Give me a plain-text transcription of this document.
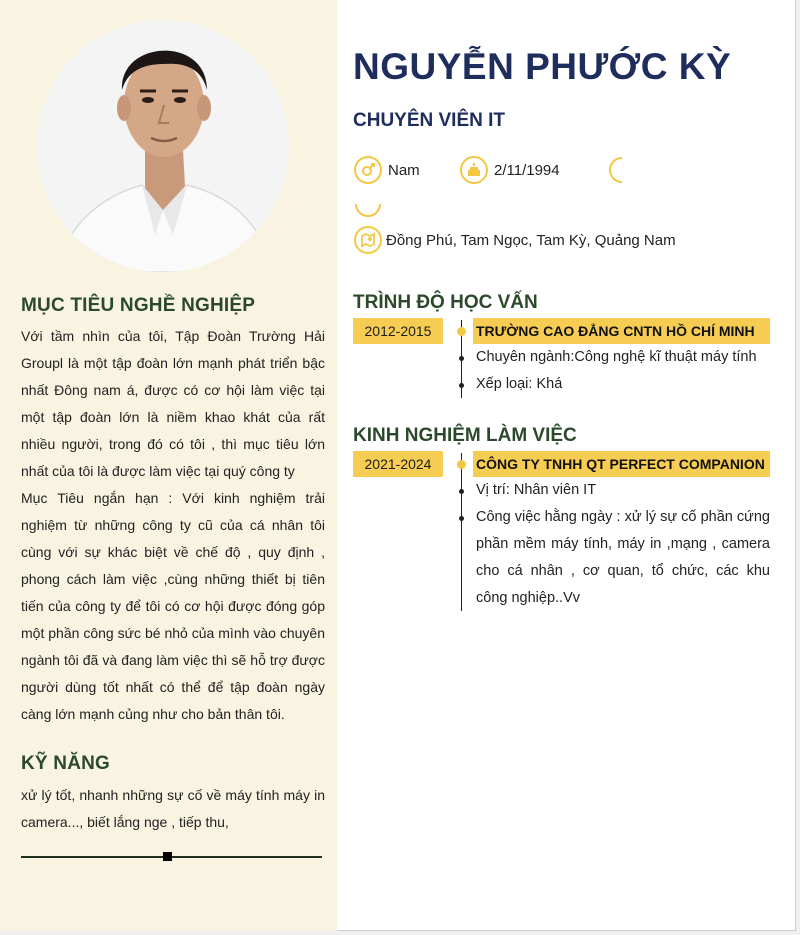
MỤC TIÊU NGHỀ NGHIỆP

Với tầm nhìn của tôi, Tập Đoàn Trường Hải Groupl là một tập đoàn lớn mạnh phát triển bậc nhất Đông nam á, được có cơ hội làm việc tại một tập đoàn lớn là niềm khao khát của rất nhiều người, trong đó có tôi , thì mục tiêu lớn nhất của tôi là được làm việc tại quý công ty

Mục Tiêu ngắn hạn : Với kinh nghiệm trải nghiệm từ những công ty cũ của cá nhân tôi cùng với sự khác biệt về chế độ , quy định , phong cách làm việc ,cùng những thiết bị tiên tiến của công ty để tôi có cơ hội được đóng góp một phần công sức bé nhỏ của mình vào chuyên ngành tôi đã và đang làm việc thì sẽ hỗ trợ được người dùng tốt nhất có thể để tập đoàn ngày càng lớn mạnh củng như cho bản thân tôi.

KỸ NĂNG
xử lý tốt, nhanh những sự cố về máy tính máy in camera..., biết lắng nge , tiếp thu,
NGUYỄN PHƯỚC KỲ
CHUYÊN VIÊN IT
Nam	2/11/1994
Đồng Phú, Tam Ngọc, Tam Kỳ, Quảng Nam
TRÌNH ĐỘ HỌC VẤN
2012-2015	TRƯỜNG CAO ĐẲNG CNTN HỒ CHÍ MINH
Chuyên ngành:Công nghệ kĩ thuật máy tính
Xếp loại: Khá
KINH NGHIỆM LÀM VIỆC
2021-2024	CÔNG TY TNHH QT PERFECT COMPANION
Vị trí: Nhân viên IT
Công việc hằng ngày : xử lý sự cố phần cứng phần mềm máy tính, máy in ,mạng , camera cho cá nhân , cơ quan, tổ chức, các khu công nghiệp..Vv
